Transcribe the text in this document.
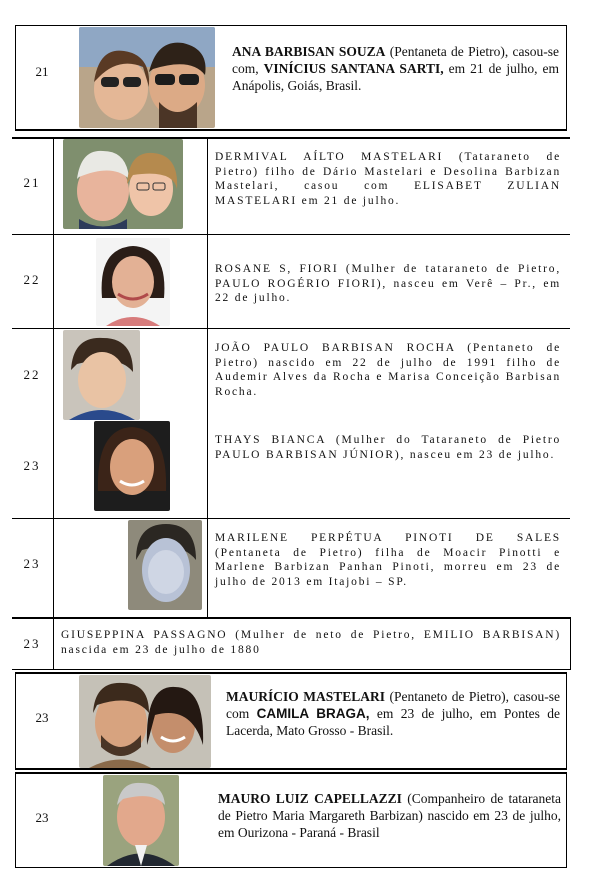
21
ANA BARBISAN SOUZA (Pentaneta de Pietro), casou-se com, VINÍCIUS SANTANA SARTI, em 21 de julho, em Anápolis, Goiás, Brasil.
21
DERMIVAL AÍLTO MASTELARI (Tataraneto de Pietro) filho de Dário Mastelari e Desolina Barbizan Mastelari, casou com ELISABET ZULIAN MASTELARI em 21 de julho.
22
ROSANE S, FIORI (Mulher de tataraneto de Pietro, PAULO ROGÉRIO FIORI), nasceu em Verê – Pr., em 22 de julho.
22
23
JOÃO PAULO BARBISAN ROCHA (Pentaneto de Pietro) nascido em 22 de julho de 1991 filho de Audemir Alves da Rocha e Marisa Conceição Barbisan Rocha.
THAYS BIANCA (Mulher do Tataraneto de Pietro PAULO BARBISAN JÚNIOR), nasceu em 23 de julho.
23
MARILENE PERPÉTUA PINOTI DE SALES (Pentaneta de Pietro) filha de Moacir Pinotti e Marlene Barbizan Panhan Pinoti, morreu em 23 de julho de 2013 em Itajobi – SP.
23
GIUSEPPINA PASSAGNO (Mulher de neto de Pietro, EMILIO BARBISAN) nascida em 23 de julho de 1880
23
MAURÍCIO MASTELARI (Pentaneto de Pietro), casou-se com CAMILA BRAGA, em 23 de julho, em Pontes de Lacerda, Mato Grosso - Brasil.
23
MAURO LUIZ CAPELLAZZI (Companheiro de tataraneta de Pietro Maria Margareth Barbizan) nascido em 23 de julho, em Ourizona - Paraná - Brasil
